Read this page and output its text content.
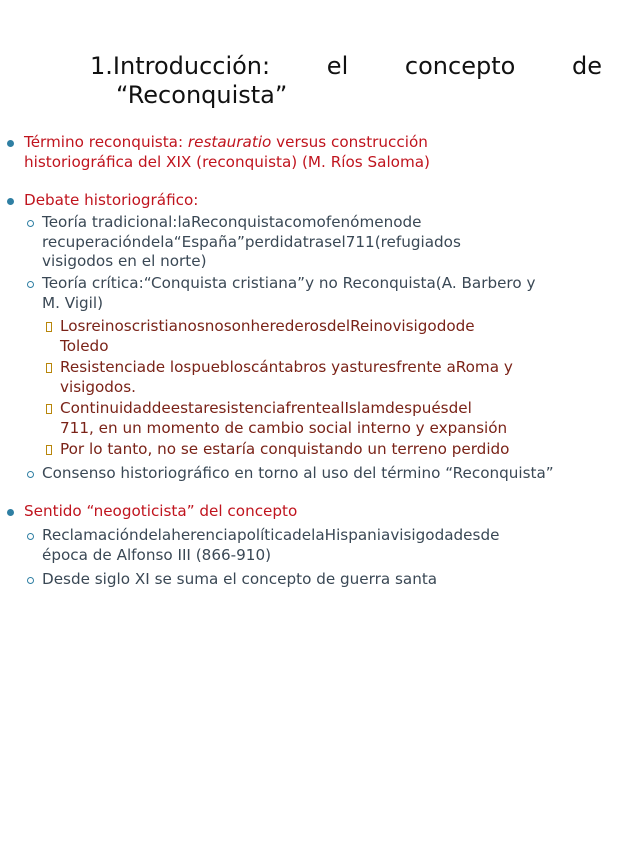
1.Introducción: el concepto de
“Reconquista”
Término reconquista: restauratio versus construcción
historiográfica del XIX (reconquista) (M. Ríos Saloma)
Debate historiográfico:
Teoría tradicional:laReconquistacomofenómenode
recuperacióndela“España”perdidatrasel711(refugiados
visigodos en el norte)
Teoría crítica:“Conquista cristiana”y no Reconquista(A. Barbero y
M. Vigil)
LosreinoscristianosnosonherederosdelReinovisigodode
Toledo
Resistenciade lospuebloscántabros yasturesfrente aRoma y
visigodos.
ContinuidaddeestaresistenciafrentealIslamdespuésdel
711, en un momento de cambio social interno y expansión
Por lo tanto, no se estaría conquistando un terreno perdido
Consenso historiográfico en torno al uso del término “Reconquista”
Sentido “neogoticista” del concepto
ReclamacióndelaherenciapolíticadelaHispaniavisigodadesde
época de Alfonso III (866-910)
Desde siglo XI se suma el concepto de guerra santa
